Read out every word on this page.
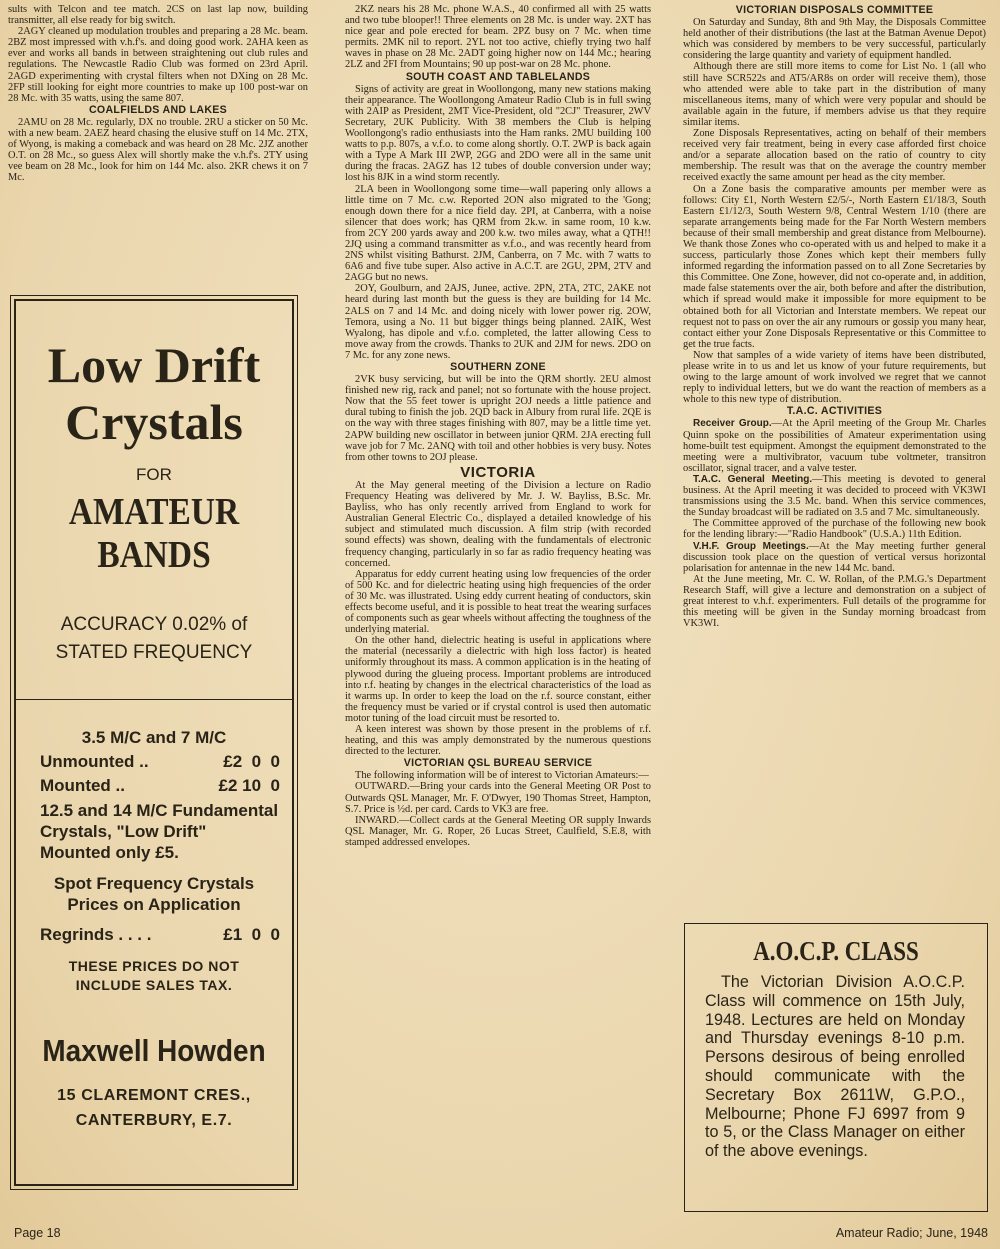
sults with Telcon and tee match. 2CS on last lap now, building transmitter, all else ready for big switch.

2AGY cleaned up modulation troubles and preparing a 28 Mc. beam. 2BZ most impressed with v.h.f's. and doing good work. 2AHA keen as ever and works all bands in between straightening out club rules and regulations. The Newcastle Radio Club was formed on 23rd April. 2AGD experimenting with crystal filters when not DXing on 28 Mc. 2FP still looking for eight more countries to make up 100 post-war on 28 Mc. with 35 watts, using the same 807.

COALFIELDS AND LAKES

2AMU on 28 Mc. regularly, DX no trouble. 2RU a sticker on 50 Mc. with a new beam. 2AEZ heard chasing the elusive stuff on 14 Mc. 2TX, of Wyong, is making a comeback and was heard on 28 Mc. 2JZ another O.T. on 28 Mc., so guess Alex will shortly make the v.h.f's. 2TY using vee beam on 28 Mc., look for him on 144 Mc. also. 2KR chews it on 7 Mc.

Low Drift
Crystals
FOR
AMATEUR
BANDS
ACCURACY 0.02% of
STATED FREQUENCY
3.5 M/C and 7 M/C
Unmounted ..	£2  0  0
Mounted ..	£2 10  0
12.5 and 14 M/C Fundamental Crystals, "Low Drift" Mounted only £5.
Spot Frequency Crystals
Prices on Application
Regrinds . . . .	£1  0  0
THESE PRICES DO NOT
INCLUDE SALES TAX.
Maxwell Howden
15 CLAREMONT CRES.,
CANTERBURY, E.7.

2KZ nears his 28 Mc. phone W.A.S., 40 confirmed all with 25 watts and two tube blooper!! Three elements on 28 Mc. is under way. 2XT has nice gear and pole erected for beam. 2PZ busy on 7 Mc. when time permits. 2MK nil to report. 2YL not too active, chiefly trying two half waves in phase on 28 Mc. 2ADT going higher now on 144 Mc.; hearing 2LZ and 2FI from Mountains; 90 up post-war on 28 Mc. phone.

SOUTH COAST AND TABLELANDS

Signs of activity are great in Woollongong, many new stations making their appearance. The Woollongong Amateur Radio Club is in full swing with 2AIP as President, 2MT Vice-President, old "2CJ" Treasurer, 2WV Secretary, 2UK Publicity. With 38 members the Club is helping Woollongong's radio enthusiasts into the Ham ranks. 2MU building 100 watts to p.p. 807s, a v.f.o. to come along shortly. O.T. 2WP is back again with a Type A Mark III 2WP, 2GG and 2DO were all in the same unit during the fracas. 2AGZ has 12 tubes of double conversion under way; lost his 8JK in a wind storm recently.

2LA been in Woollongong some time—wall papering only allows a little time on 7 Mc. c.w. Reported 2ON also migrated to the 'Gong; enough down there for a nice field day. 2PI, at Canberra, with a noise silencer that does work; has QRM from 2k.w. in same room, 10 k.w. from 2CY 200 yards away and 200 k.w. two miles away, what a QTH!! 2JQ using a command transmitter as v.f.o., and was recently heard from 2NS whilst visiting Bathurst. 2JM, Canberra, on 7 Mc. with 7 watts to 6A6 and five tube super. Also active in A.C.T. are 2GU, 2PM, 2TV and 2AGG but no news.

2OY, Goulburn, and 2AJS, Junee, active. 2PN, 2TA, 2TC, 2AKE not heard during last month but the guess is they are building for 14 Mc. 2ALS on 7 and 14 Mc. and doing nicely with lower power rig. 2OW, Temora, using a No. 11 but bigger things being planned. 2AIK, West Wyalong, has dipole and v.f.o. completed, the latter allowing Cess to move away from the crowds. Thanks to 2UK and 2JM for news. 2DO on 7 Mc. for any zone news.

SOUTHERN ZONE

2VK busy servicing, but will be into the QRM shortly. 2EU almost finished new rig, rack and panel; not so fortunate with the house project. Now that the 55 feet tower is upright 2OJ needs a little patience and dural tubing to finish the job. 2QD back in Albury from rural life. 2QE is on the way with three stages finishing with 807, may be a little time yet. 2APW building new oscillator in between junior QRM. 2JA erecting full wave job for 7 Mc. 2ANQ with toil and other hobbies is very busy. Notes from other towns to 2OJ please.

VICTORIA

At the May general meeting of the Division a lecture on Radio Frequency Heating was delivered by Mr. J. W. Bayliss, B.Sc. Mr. Bayliss, who has only recently arrived from England to work for Australian General Electric Co., displayed a detailed knowledge of his subject and stimulated much discussion. A film strip (with recorded sound effects) was shown, dealing with the fundamentals of electronic frequency changing, particularly in so far as radio frequency heating was concerned.

Apparatus for eddy current heating using low frequencies of the order of 500 Kc. and for dielectric heating using high frequencies of the order of 30 Mc. was illustrated. Using eddy current heating of conductors, skin effects become useful, and it is possible to heat treat the wearing surfaces of components such as gear wheels without affecting the toughness of the underlying material.

On the other hand, dielectric heating is useful in applications where the material (necessarily a dielectric with high loss factor) is heated uniformly throughout its mass. A common application is in the heating of plywood during the glueing process. Important problems are introduced into r.f. heating by changes in the electrical characteristics of the load as it warms up. In order to keep the load on the r.f. source constant, either the frequency must be varied or if crystal control is used then automatic motor tuning of the load circuit must be resorted to.

A keen interest was shown by those present in the problems of r.f. heating, and this was amply demonstrated by the numerous questions directed to the lecturer.

VICTORIAN QSL BUREAU SERVICE

The following information will be of interest to Victorian Amateurs:—

OUTWARD.—Bring your cards into the General Meeting OR Post to Outwards QSL Manager, Mr. F. O'Dwyer, 190 Thomas Street, Hampton, S.7. Price is ½d. per card. Cards to VK3 are free.

INWARD.—Collect cards at the General Meeting OR supply Inwards QSL Manager, Mr. G. Roper, 26 Lucas Street, Caulfield, S.E.8, with stamped addressed envelopes.

VICTORIAN DISPOSALS COMMITTEE

On Saturday and Sunday, 8th and 9th May, the Disposals Committee held another of their distributions (the last at the Batman Avenue Depot) which was considered by members to be very successful, particularly considering the large quantity and variety of equipment handled.

Although there are still more items to come for List No. 1 (all who still have SCR522s and AT5/AR8s on order will receive them), those who attended were able to take part in the distribution of many miscellaneous items, many of which were very popular and should be available again in the future, if members advise us that they require similar items.

Zone Disposals Representatives, acting on behalf of their members received very fair treatment, being in every case afforded first choice and/or a separate allocation based on the ratio of country to city membership. The result was that on the average the country member received exactly the same amount per head as the city member.

On a Zone basis the comparative amounts per member were as follows: City £1, North Western £2/5/-, North Eastern £1/18/3, South Eastern £1/12/3, South Western 9/8, Central Western 1/10 (there are separate arrangements being made for the Far North Western members because of their small membership and great distance from Melbourne). We thank those Zones who co-operated with us and helped to make it a success, particularly those Zones which kept their members fully informed regarding the information passed on to all Zone Secretaries by this Committee. One Zone, however, did not co-operate and, in addition, made false statements over the air, both before and after the distribution, which if spread would make it impossible for more equipment to be obtained both for all Victorian and Interstate members. We repeat our request not to pass on over the air any rumours or gossip you many hear, contact either your Zone Disposals Representative or this Committee to get the true facts.

Now that samples of a wide variety of items have been distributed, please write in to us and let us know of your future requirements, but owing to the large amount of work involved we regret that we cannot reply to individual letters, but we do want the reaction of members as a whole to this new type of distribution.

T.A.C. ACTIVITIES

Receiver Group.—At the April meeting of the Group Mr. Charles Quinn spoke on the possibilities of Amateur experimentation using home-built test equipment. Amongst the equipment demonstrated to the meeting were a multivibrator, vacuum tube voltmeter, transitron oscillator, signal tracer, and a valve tester.

T.A.C. General Meeting.—This meeting is devoted to general business. At the April meeting it was decided to proceed with VK3WI transmissions using the 3.5 Mc. band. When this service commences, the Sunday broadcast will be radiated on 3.5 and 7 Mc. simultaneously.

The Committee approved of the purchase of the following new book for the lending library:—"Radio Handbook" (U.S.A.) 11th Edition.

V.H.F. Group Meetings.—At the May meeting further general discussion took place on the question of vertical versus horizontal polarisation for antennae in the new 144 Mc. band.

At the June meeting, Mr. C. W. Rollan, of the P.M.G.'s Department Research Staff, will give a lecture and demonstration on a subject of great interest to v.h.f. experimenters. Full details of the programme for this meeting will be given in the Sunday morning broadcast from VK3WI.

A.O.C.P. CLASS
The Victorian Division A.O.C.P. Class will commence on 15th July, 1948. Lectures are held on Monday and Thursday evenings 8-10 p.m. Persons desirous of being enrolled should communicate with the Secretary Box 2611W, G.P.O., Melbourne; Phone FJ 6997 from 9 to 5, or the Class Manager on either of the above evenings.
Page 18	Amateur Radio; June, 1948
